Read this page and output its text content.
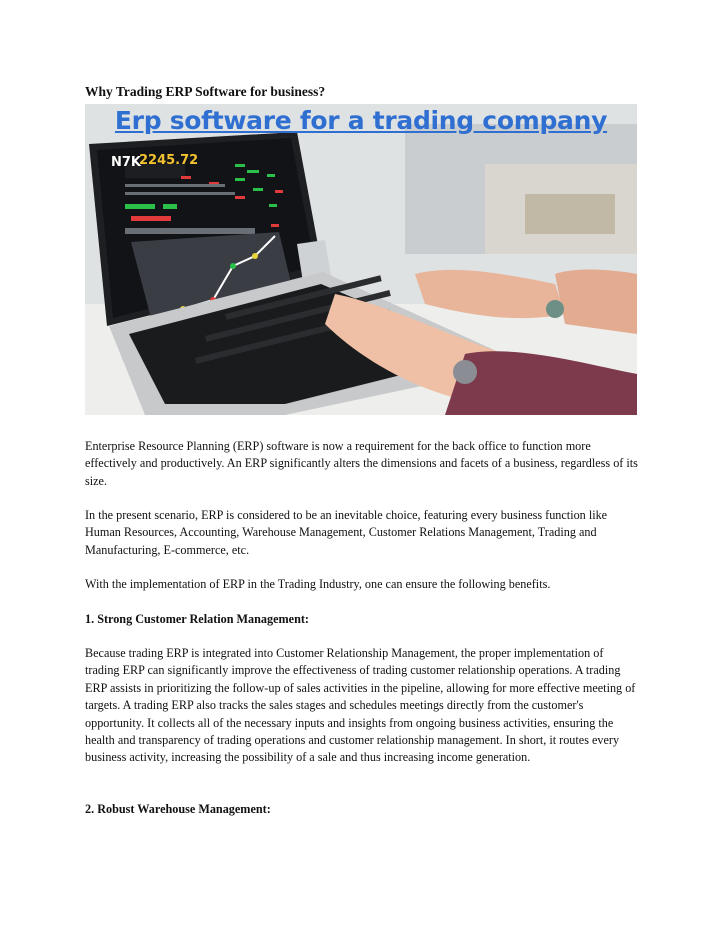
Why Trading ERP Software for business?
N7K
2245.72
Erp software for a trading company

Enterprise Resource Planning (ERP) software is now a requirement for the back office to function more effectively and productively. An ERP significantly alters the dimensions and facets of a business, regardless of its size.

In the present scenario, ERP is considered to be an inevitable choice, featuring every business function like Human Resources, Accounting, Warehouse Management, Customer Relations Management, Trading and Manufacturing, E-commerce, etc.

With the implementation of ERP in the Trading Industry, one can ensure the following benefits.

1. Strong Customer Relation Management:

Because trading ERP is integrated into Customer Relationship Management, the proper implementation of trading ERP can significantly improve the effectiveness of trading customer relationship operations. A trading ERP assists in prioritizing the follow-up of sales activities in the pipeline, allowing for more effective meeting of targets. A trading ERP also tracks the sales stages and schedules meetings directly from the customer's opportunity. It collects all of the necessary inputs and insights from ongoing business activities, ensuring the health and transparency of trading operations and customer relationship management. In short, it routes every business activity, increasing the possibility of a sale and thus increasing income generation.

2. Robust Warehouse Management:
